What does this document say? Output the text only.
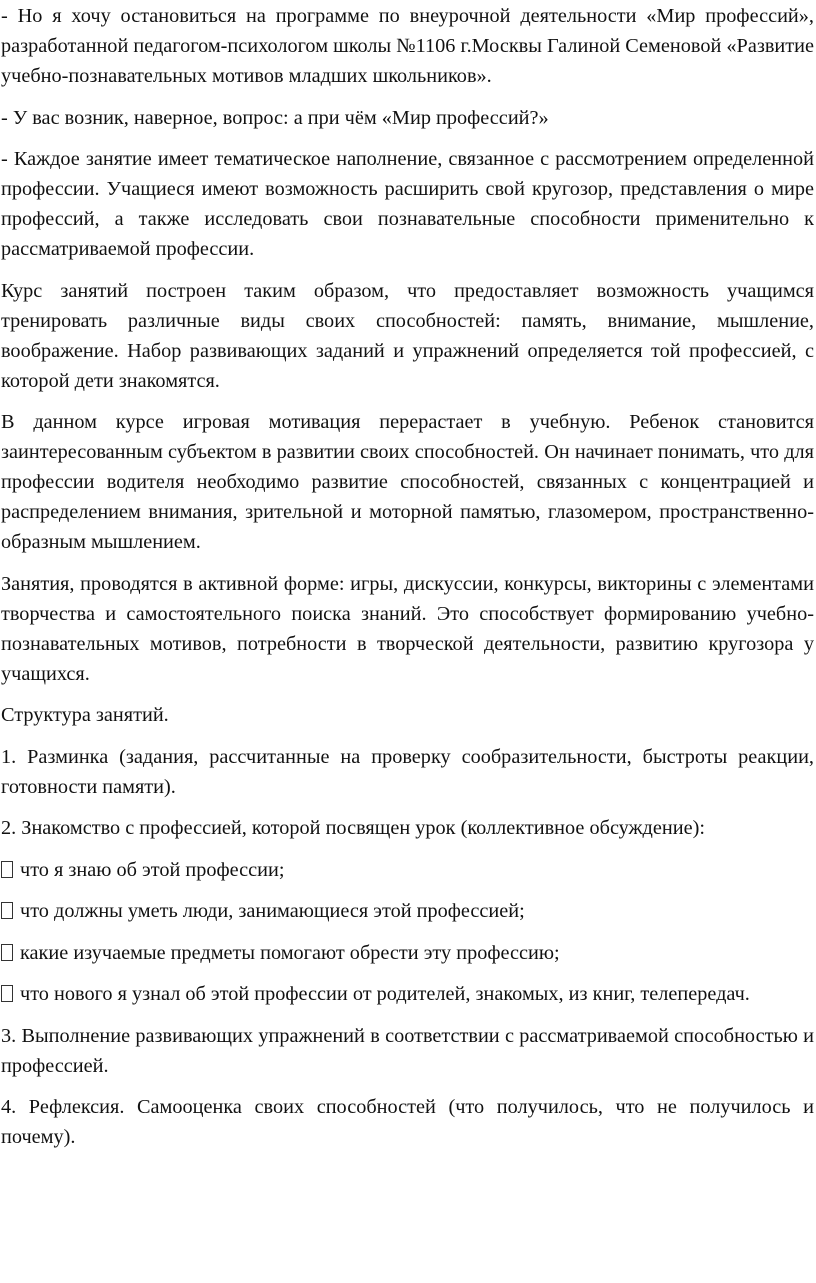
- Но я хочу остановиться на программе по внеурочной деятельности «Мир профессий», разработанной педагогом-психологом школы №1106 г.Москвы Галиной Семеновой «Развитие учебно-познавательных мотивов младших школьников».

- У вас возник, наверное, вопрос: а при чём «Мир профессий?»

- Каждое занятие имеет тематическое наполнение, связанное с рассмотрением определенной профессии. Учащиеся имеют возможность расширить свой кругозор, представления о мире профессий, а также исследовать свои познавательные способности применительно к рассматриваемой профессии.

Курс занятий построен таким образом, что предоставляет возможность учащимся тренировать различные виды своих способностей: память, внимание, мышление, воображение. Набор развивающих заданий и упражнений определяется той профессией, с которой дети знакомятся.

В данном курсе игровая мотивация перерастает в учебную. Ребенок становится заинтересованным субъектом в развитии своих способностей. Он начинает понимать, что для профессии водителя необходимо развитие способностей, связанных с концентрацией и распределением внимания, зрительной и моторной памятью, глазомером, пространственно-образным мышлением.

Занятия, проводятся в активной форме: игры, дискуссии, конкурсы, викторины с элементами творчества и самостоятельного поиска знаний. Это способствует формированию учебно-познавательных мотивов, потребности в творческой деятельности, развитию кругозора у учащихся.

Структура занятий.

1. Разминка (задания, рассчитанные на проверку сообразительности, быстроты реакции, готовности памяти).

2. Знакомство с профессией, которой посвящен урок (коллективное обсуждение):

что я знаю об этой профессии;

что должны уметь люди, занимающиеся этой профессией;

какие изучаемые предметы помогают обрести эту профессию;

что нового я узнал об этой профессии от родителей, знакомых, из книг, телепередач.

3. Выполнение развивающих упражнений в соответствии с рассматриваемой способностью и профессией.

4. Рефлексия. Самооценка своих способностей (что получилось, что не получилось и почему).
